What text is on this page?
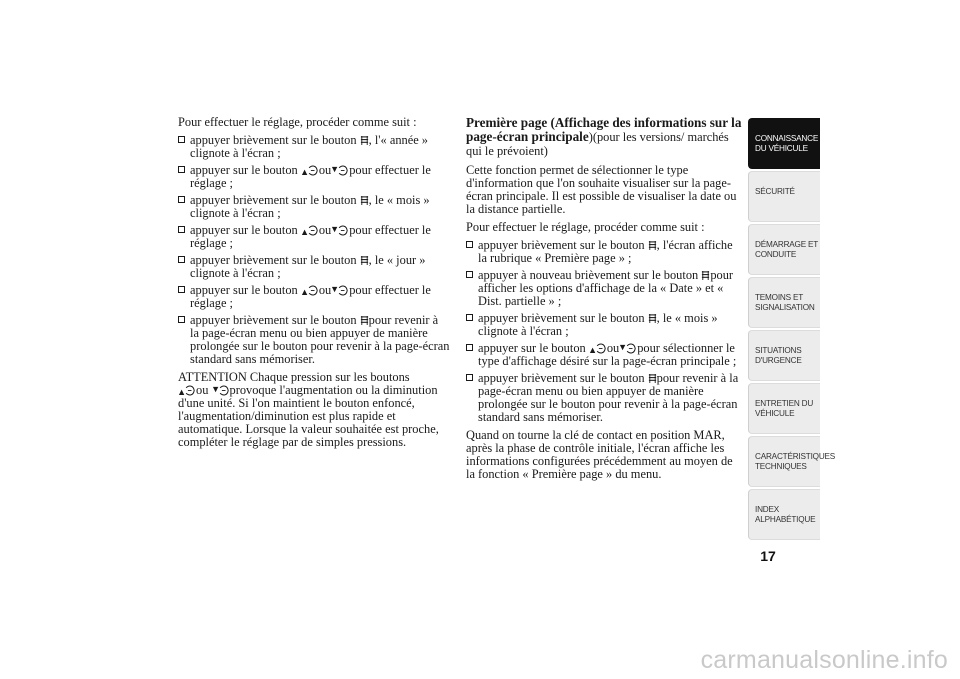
Pour effectuer le réglage, procéder comme suit :

appuyer brièvement sur le bouton , l'« année » clignote à l'écran ;
appuyer sur le bouton ou pour effectuer le réglage ;
appuyer brièvement sur le bouton , le « mois » clignote à l'écran ;
appuyer sur le bouton ou pour effectuer le réglage ;
appuyer brièvement sur le bouton , le « jour » clignote à l'écran ;
appuyer sur le bouton ou pour effectuer le réglage ;
appuyer brièvement sur le bouton pour revenir à la page-écran menu ou bien appuyer de manière prolongée sur le bouton pour revenir à la page-écran standard sans mémoriser.

ATTENTION Chaque pression sur les boutons

ou provoque l'augmentation ou la diminution d'une unité. Si l'on maintient le bouton enfoncé, l'augmentation/diminution est plus rapide et automatique. Lorsque la valeur souhaitée est proche, compléter le réglage par de simples pressions.

Première page (Affichage des informations sur la page-écran principale)(pour les versions/ marchés qui le prévoient)

Cette fonction permet de sélectionner le type d'information que l'on souhaite visualiser sur la page-écran principale. Il est possible de visualiser la date ou la distance partielle.

Pour effectuer le réglage, procéder comme suit :

appuyer brièvement sur le bouton , l'écran affiche la rubrique « Première page » ;
appuyer à nouveau brièvement sur le bouton pour afficher les options d'affichage de la « Date » et « Dist. partielle » ;
appuyer brièvement sur le bouton , le « mois » clignote à l'écran ;
appuyer sur le bouton ou pour sélectionner le type d'affichage désiré sur la page-écran principale ;
appuyer brièvement sur le bouton pour revenir à la page-écran menu ou bien appuyer de manière prolongée sur le bouton pour revenir à la page-écran standard sans mémoriser.

Quand on tourne la clé de contact en position MAR, après la phase de contrôle initiale, l'écran affiche les informations configurées précédemment au moyen de la fonction « Première page » du menu.

CONNAISSANCE DU VÉHICULE
SÉCURITÉ
DÉMARRAGE ET CONDUITE
TEMOINS ET SIGNALISATION
SITUATIONS D'URGENCE
ENTRETIEN DU VÉHICULE
CARACTÉRISTIQUES TECHNIQUES
INDEX ALPHABÉTIQUE
17
carmanualsonline.info
